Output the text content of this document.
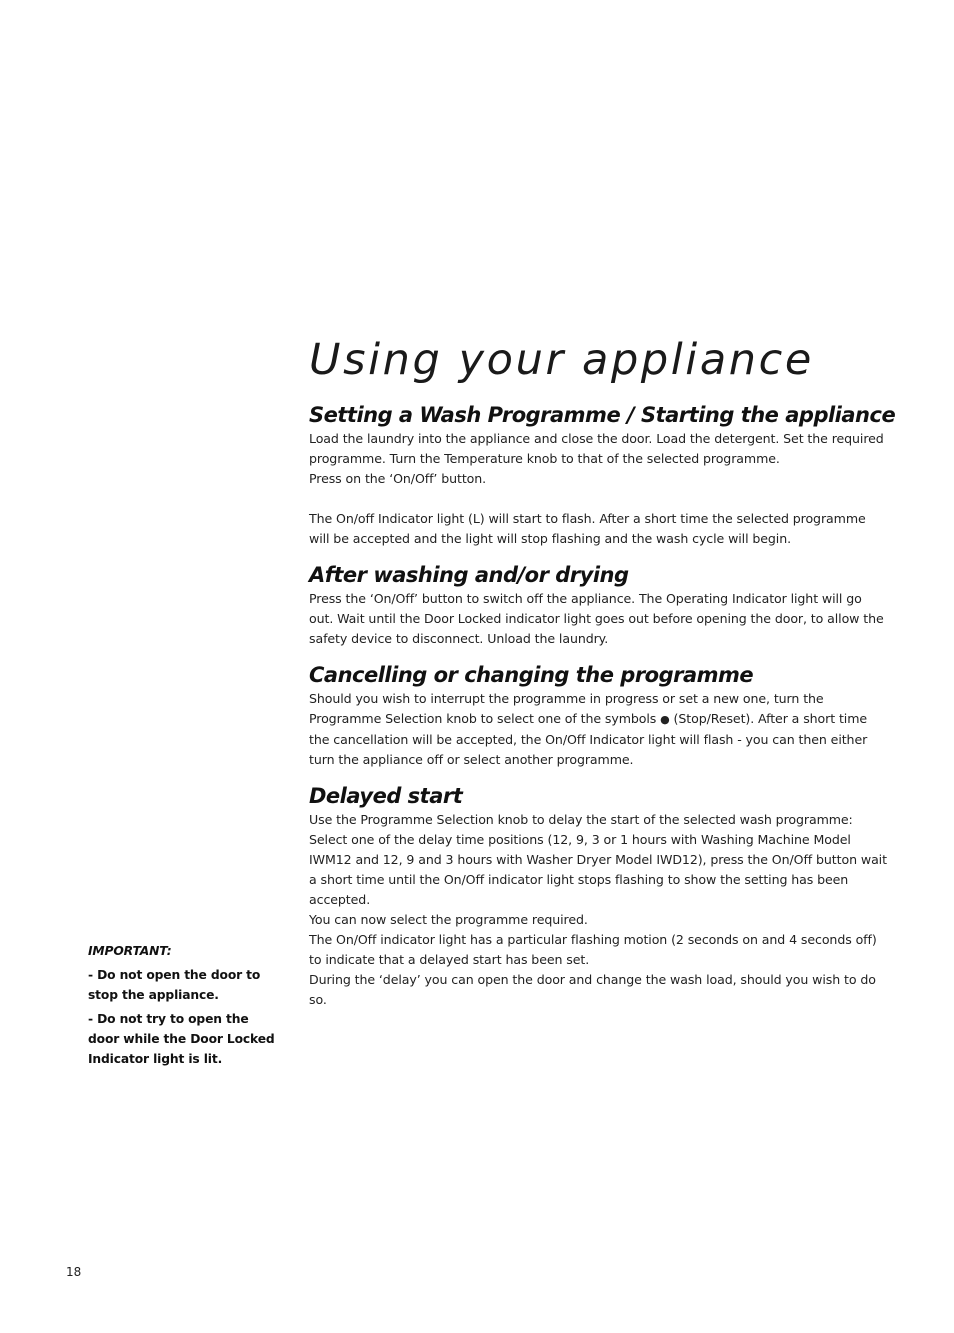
Using your appliance
Setting a Wash Programme / Starting the appliance

Load the laundry into the appliance and close the door. Load the detergent. Set the required programme. Turn the Temperature knob to that of the selected programme.

Press on the ‘On/Off’ button.

The On/off Indicator light (L) will start to flash. After a short time the selected programme will be accepted and the light will stop flashing and the wash cycle will begin.

After washing and/or drying

Press the ‘On/Off’ button to switch off the appliance. The Operating Indicator light will go out. Wait until the Door Locked indicator light goes out before opening the door, to allow the safety device to disconnect. Unload the laundry.

Cancelling or changing the programme

Should you wish to interrupt the programme in progress or set a new one, turn the Programme Selection knob to select one of the symbols ● (Stop/Reset). After a short time the cancellation will be accepted, the On/Off Indicator light will flash - you can then either turn the appliance off or select another programme.

Delayed start

Use the Programme Selection knob to delay the start of the selected wash programme:

Select one of the delay time positions (12, 9, 3 or 1 hours with Washing Machine Model IWM12 and 12, 9 and 3 hours with Washer Dryer Model IWD12), press the On/Off button wait a short time until the On/Off indicator light stops flashing to show the setting has been accepted.

You can now select the programme required.

The On/Off indicator light has a particular flashing motion (2 seconds on and 4 seconds off) to indicate that a delayed start has been set.

During the ‘delay’ you can open the door and change the wash load, should you wish to do so.

IMPORTANT:

- Do not open the door to stop the appliance.

- Do not try to open the door while the Door Locked Indicator light is lit.

18
